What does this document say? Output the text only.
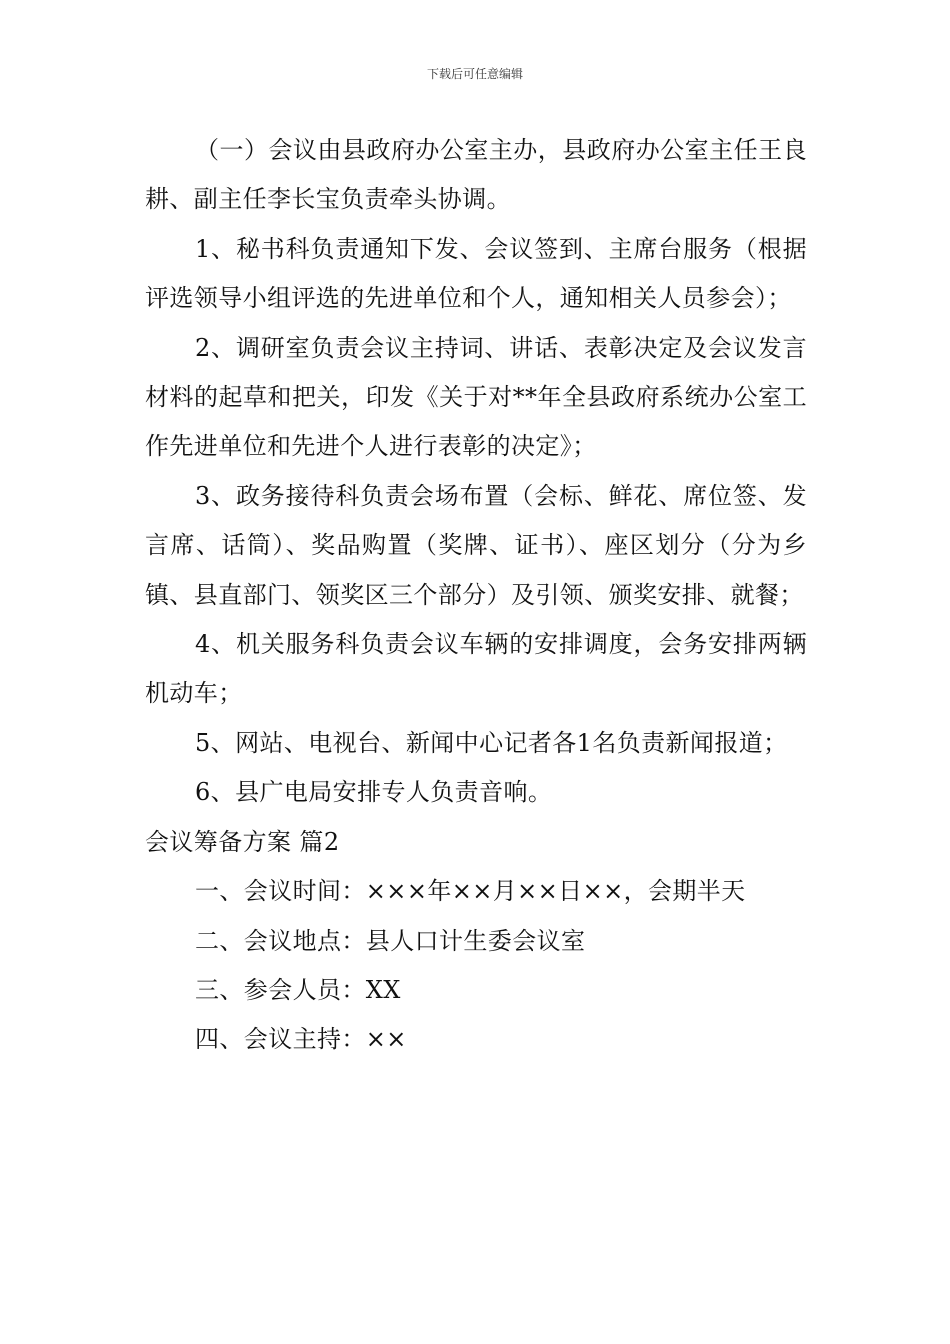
下载后可任意编辑

（一）会议由县政府办公室主办，县政府办公室主任王良耕、副主任李长宝负责牵头协调。

1、秘书科负责通知下发、会议签到、主席台服务（根据评选领导小组评选的先进单位和个人，通知相关人员参会）；

2、调研室负责会议主持词、讲话、表彰决定及会议发言材料的起草和把关，印发《关于对**年全县政府系统办公室工作先进单位和先进个人进行表彰的决定》；

3、政务接待科负责会场布置（会标、鲜花、席位签、发言席、话筒）、奖品购置（奖牌、证书）、座区划分（分为乡镇、县直部门、领奖区三个部分）及引领、颁奖安排、就餐；

4、机关服务科负责会议车辆的安排调度，会务安排两辆机动车；

5、网站、电视台、新闻中心记者各1名负责新闻报道；

6、县广电局安排专人负责音响。

会议筹备方案 篇2

一、会议时间：×××年××月××日××，会期半天

二、会议地点：县人口计生委会议室

三、参会人员：XX

四、会议主持：××
